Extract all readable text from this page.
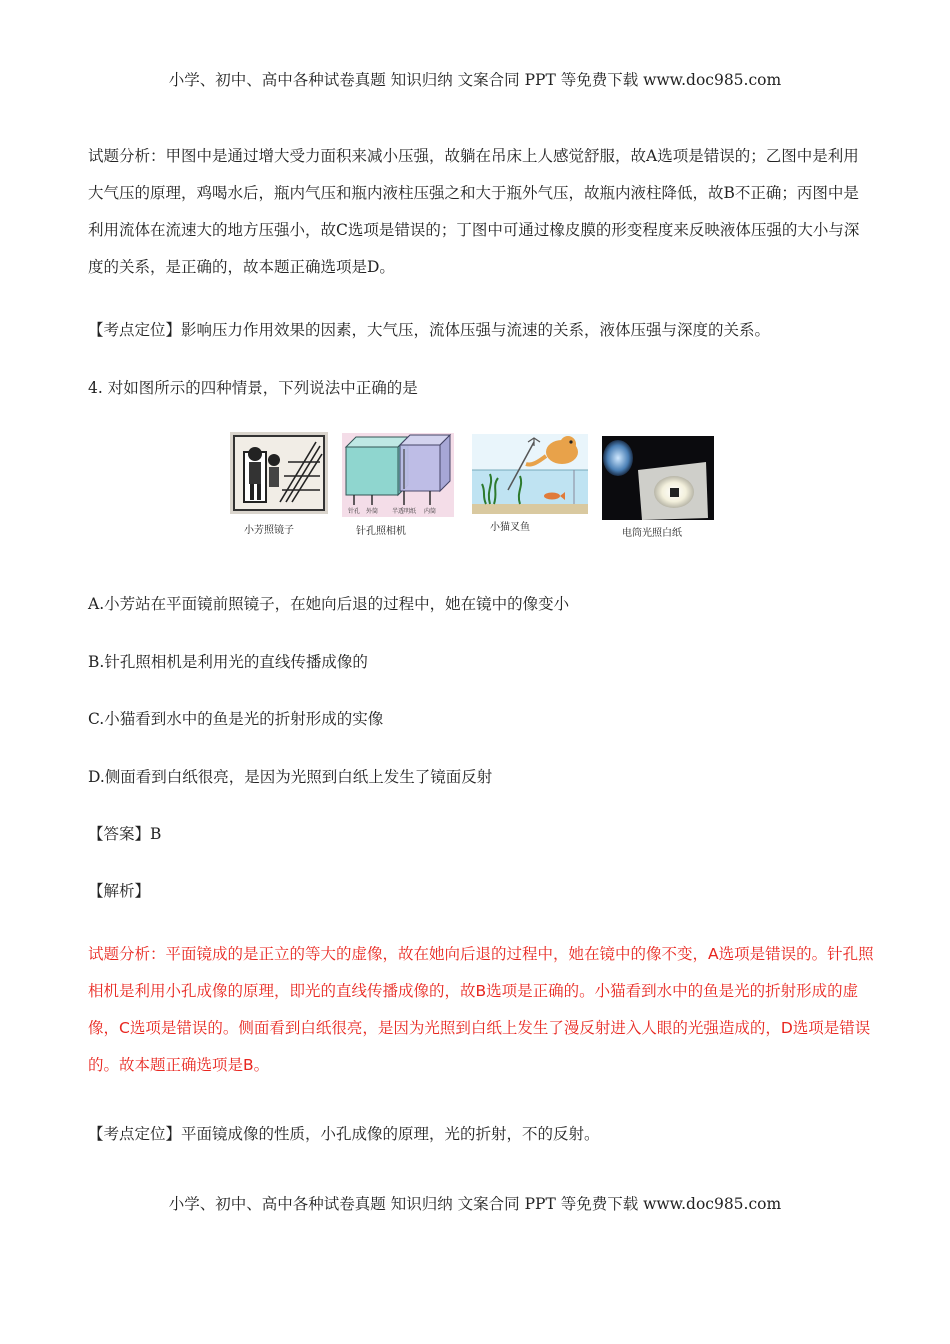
小学、初中、高中各种试卷真题 知识归纳 文案合同 PPT 等免费下载 www.doc985.com

试题分析：甲图中是通过增大受力面积来减小压强，故躺在吊床上人感觉舒服，故A选项是错误的；乙图中是利用大气压的原理，鸡喝水后，瓶内气压和瓶内液柱压强之和大于瓶外气压，故瓶内液柱降低，故B不正确；丙图中是利用流体在流速大的地方压强小，故C选项是错误的；丁图中可通过橡皮膜的形变程度来反映液体压强的大小与深度的关系，是正确的，故本题正确选项是D。

【考点定位】影响压力作用效果的因素，大气压，流体压强与流速的关系，液体压强与深度的关系。
4. 对如图所示的四种情景，下列说法中正确的是
小芳照镜子
针孔 外筒 半透明纸 内筒
针孔照相机	小猫叉鱼
电筒光照白纸
A.小芳站在平面镜前照镜子，在她向后退的过程中，她在镜中的像变小
B.针孔照相机是利用光的直线传播成像的
C.小猫看到水中的鱼是光的折射形成的实像
D.侧面看到白纸很亮，是因为光照到白纸上发生了镜面反射
【答案】B
【解析】

试题分析：平面镜成的是正立的等大的虚像，故在她向后退的过程中，她在镜中的像不变，A选项是错误的。针孔照相机是利用小孔成像的原理，即光的直线传播成像的，故B选项是正确的。小猫看到水中的鱼是光的折射形成的虚像，C选项是错误的。侧面看到白纸很亮，是因为光照到白纸上发生了漫反射进入人眼的光强造成的，D选项是错误的。故本题正确选项是B。

【考点定位】平面镜成像的性质，小孔成像的原理，光的折射，不的反射。
小学、初中、高中各种试卷真题 知识归纳 文案合同 PPT 等免费下载 www.doc985.com
